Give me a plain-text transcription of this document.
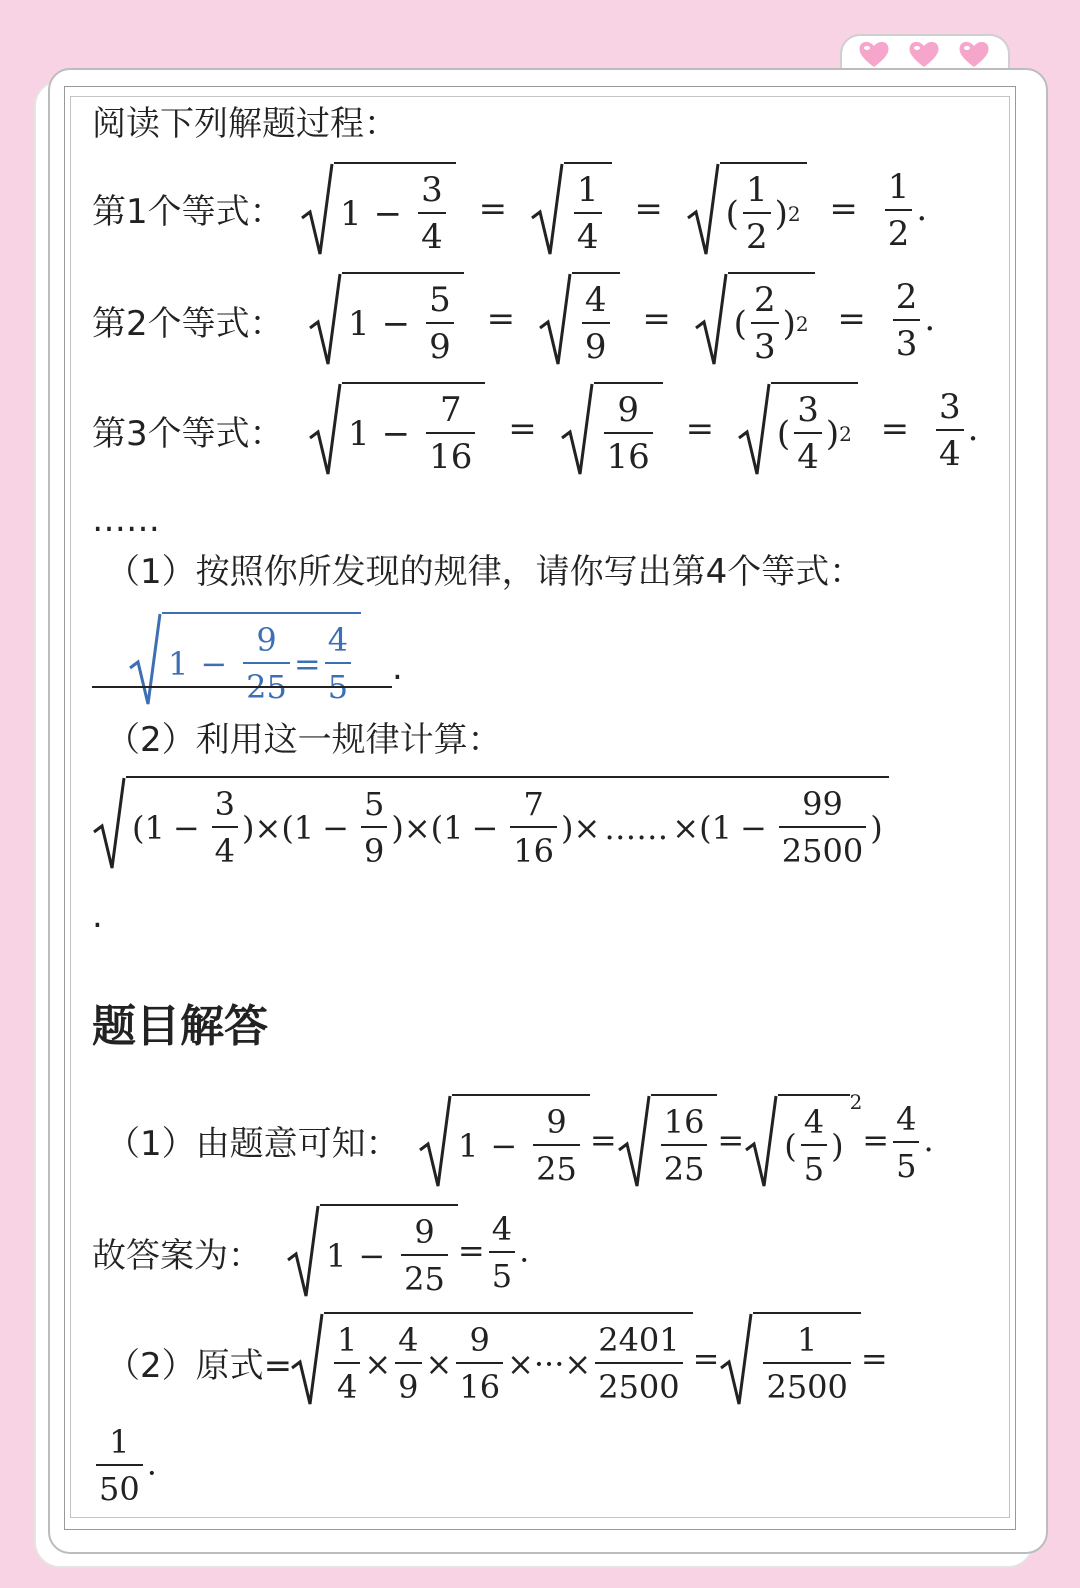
阅读下列解题过程：
第1个等式： $1 - \frac{3}{4} = \frac{1}{4}$ = ( $\frac{1}{2}$ ) $2 = \frac{1}{2}$ .
第2个等式： $1 - \frac{5}{9} = \frac{4}{9}$ = ( $\frac{2}{3}$ ) $2 = \frac{2}{3}$ .
第3个等式： $1 - \frac{7}{16} = \frac{9}{16}$ = ( $\frac{3}{4}$ ) $2 = \frac{3}{4}$ .
……
（1）按照你所发现的规律，请你写出第4个等式：
$1 - \frac{9}{25} = \frac{4}{5}$ .
（2）利用这一规律计算：
$(1 - \frac{3}{4} )\times(1 - \frac{5}{9} )\times(1 - \frac{7}{16}$ )× …… $\times(1 - \frac{99}{2500}$ )
.
题目解答
（1）由题意可知： $1 - \frac{9}{25} = \frac{16}{25}$ = ( $\frac{4}{5}$ )
$^2= \frac{4}{5}$ .
故答案为： $1 - \frac{9}{25} = \frac{4}{5}$ .
（2）原式= $\frac{1}{4} \times \frac{4}{9} \times \frac{9}{16}$ ×···× $\frac{2401}{2500} = \frac{1}{2500}$ =
$\frac{1}{50}$ .
